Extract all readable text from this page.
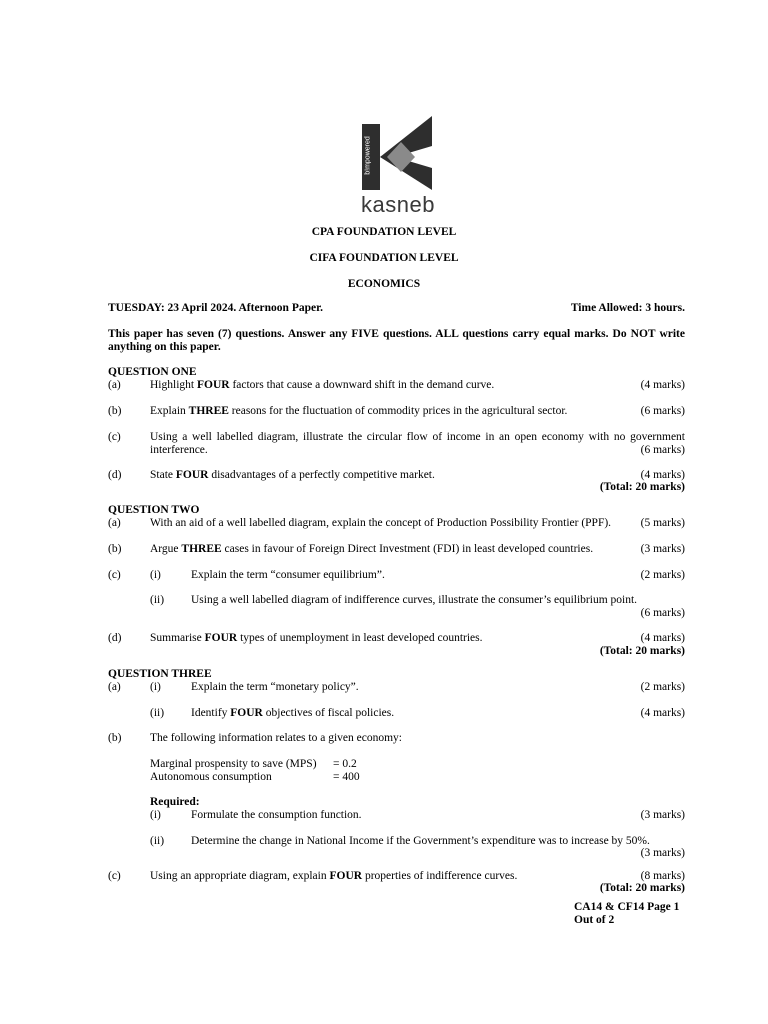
b!mpowered
kasneb
CPA FOUNDATION LEVEL
CIFA FOUNDATION LEVEL
ECONOMICS
TUESDAY: 23 April 2024. Afternoon Paper.	Time Allowed: 3 hours.
This paper has seven (7) questions. Answer any FIVE questions. ALL questions carry equal marks. Do NOT write anything on this paper.
QUESTION ONE
(a)	Highlight FOUR factors that cause a downward shift in the demand curve.	(4 marks)
(b) Explain THREE reasons for the fluctuation of commodity prices in the agricultural sector.	(6 marks)
(c)	Using a well labelled diagram, illustrate the circular flow of income in an open economy with no government interference.	(6 marks)
(d) State FOUR disadvantages of a perfectly competitive market.	(4 marks)
(Total: 20 marks)
QUESTION TWO
(a)	With an aid of a well labelled diagram, explain the concept of Production Possibility Frontier (PPF).	(5 marks)
(b) Argue THREE cases in favour of Foreign Direct Investment (FDI) in least developed countries.	(3 marks)
(c)	(i)	Explain the term “consumer equilibrium”.	(2 marks)
(ii) Using a well labelled diagram of indifference curves, illustrate the consumer’s equilibrium point.
(6 marks)
(d) Summarise FOUR types of unemployment in least developed countries.	(4 marks)
(Total: 20 marks)
QUESTION THREE
(a)	(i)	Explain the term “monetary policy”.	(2 marks)
(ii) Identify FOUR objectives of fiscal policies.	(4 marks)
(b) The following information relates to a given economy:
Marginal prospensity to save (MPS) = 0.2
Autonomous consumption	= 400
Required:
(i)	Formulate the consumption function.	(3 marks)
(ii) Determine the change in National Income if the Government’s expenditure was to increase by 50%.
(3 marks)
(c)	Using an appropriate diagram, explain FOUR properties of indifference curves.	(8 marks)
(Total: 20 marks)
CA14 & CF14 Page 1
Out of 2
